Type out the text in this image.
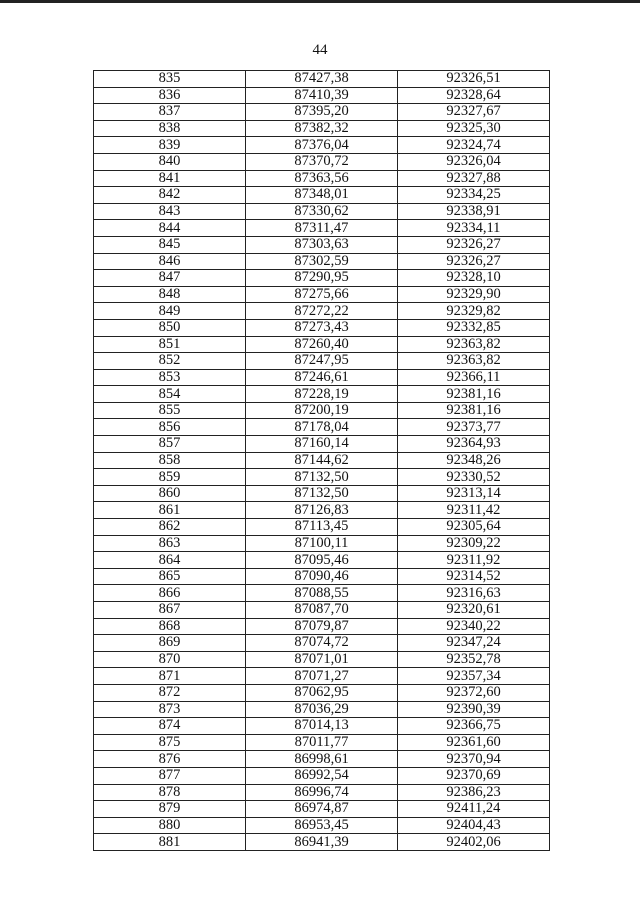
44
835	87427,38	92326,51
836	87410,39	92328,64
837	87395,20	92327,67
838	87382,32	92325,30
839	87376,04	92324,74
840	87370,72	92326,04
841	87363,56	92327,88
842	87348,01	92334,25
843	87330,62	92338,91
844	87311,47	92334,11
845	87303,63	92326,27
846	87302,59	92326,27
847	87290,95	92328,10
848	87275,66	92329,90
849	87272,22	92329,82
850	87273,43	92332,85
851	87260,40	92363,82
852	87247,95	92363,82
853	87246,61	92366,11
854	87228,19	92381,16
855	87200,19	92381,16
856	87178,04	92373,77
857	87160,14	92364,93
858	87144,62	92348,26
859	87132,50	92330,52
860	87132,50	92313,14
861	87126,83	92311,42
862	87113,45	92305,64
863	87100,11	92309,22
864	87095,46	92311,92
865	87090,46	92314,52
866	87088,55	92316,63
867	87087,70	92320,61
868	87079,87	92340,22
869	87074,72	92347,24
870	87071,01	92352,78
871	87071,27	92357,34
872	87062,95	92372,60
873	87036,29	92390,39
874	87014,13	92366,75
875	87011,77	92361,60
876	86998,61	92370,94
877	86992,54	92370,69
878	86996,74	92386,23
879	86974,87	92411,24
880	86953,45	92404,43
881	86941,39	92402,06
